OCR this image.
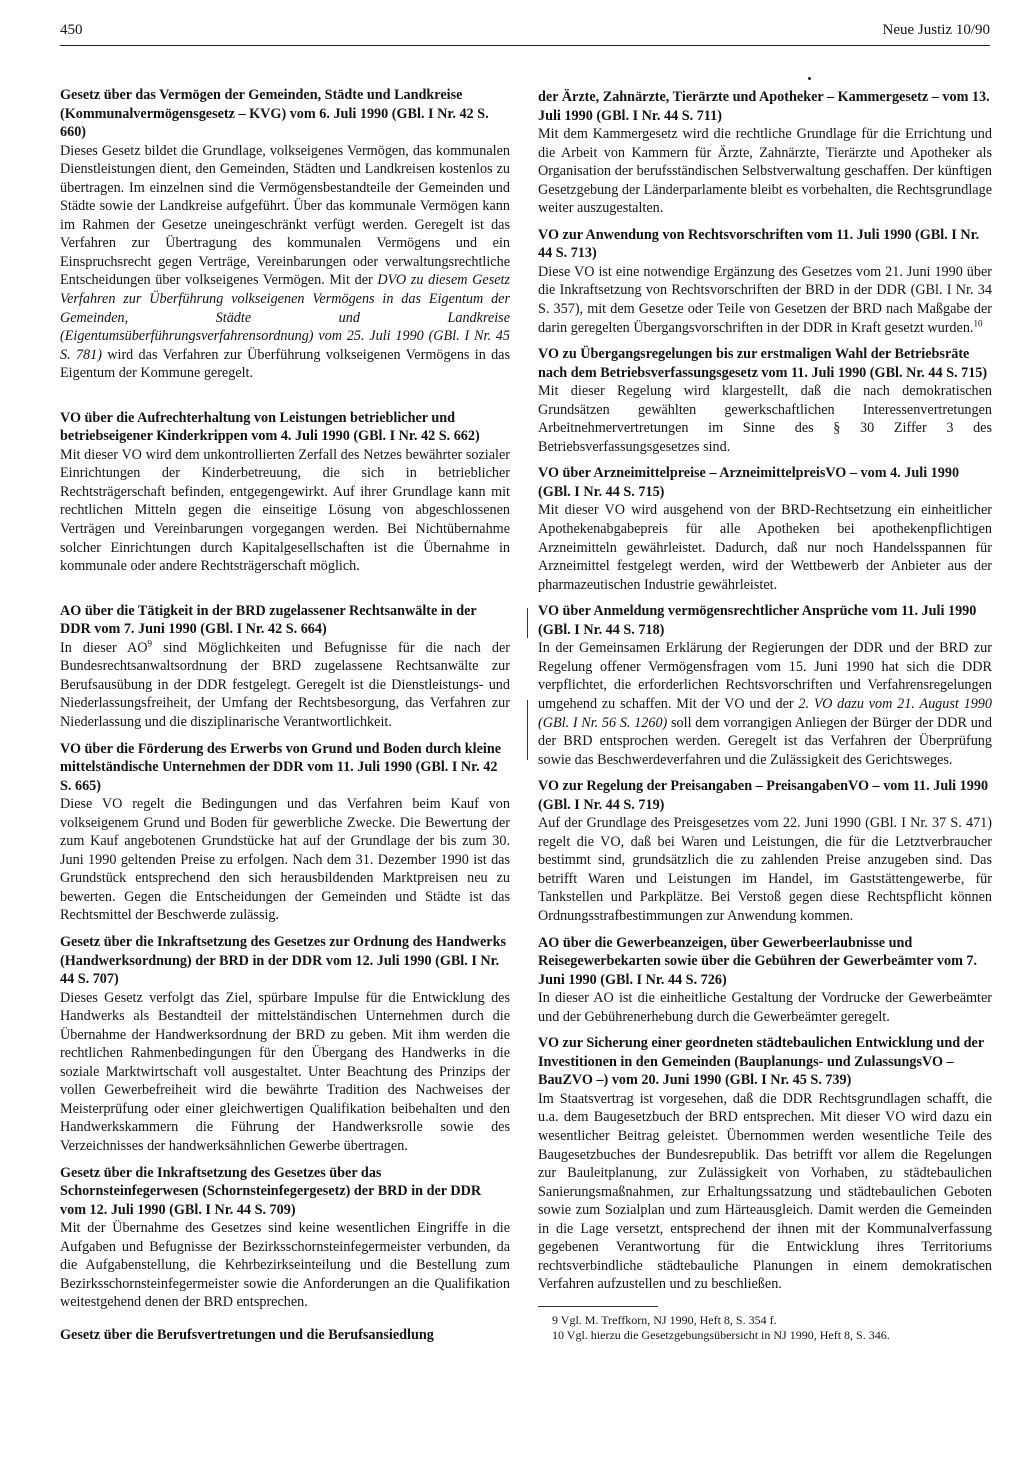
450	Neue Justiz 10/90
Gesetz über das Vermögen der Gemeinden, Städte und Landkreise (Kommunalvermögensgesetz – KVG) vom 6. Juli 1990 (GBl. I Nr. 42 S. 660)

Dieses Gesetz bildet die Grundlage, volkseigenes Vermögen, das kommunalen Dienstleistungen dient, den Gemeinden, Städten und Landkreisen kostenlos zu übertragen. Im einzelnen sind die Vermögensbestandteile der Gemeinden und Städte sowie der Landkreise aufgeführt. Über das kommunale Vermögen kann im Rahmen der Gesetze uneingeschränkt verfügt werden. Geregelt ist das Verfahren zur Übertragung des kommunalen Vermögens und ein Einspruchsrecht gegen Verträge, Vereinbarungen oder verwaltungsrechtliche Entscheidungen über volkseigenes Vermögen. Mit der DVO zu diesem Gesetz Verfahren zur Überführung volkseigenen Vermögens in das Eigentum der Gemeinden, Städte und Landkreise (Eigentumsüberführungsverfahrensordnung) vom 25. Juli 1990 (GBl. I Nr. 45 S. 781) wird das Verfahren zur Überführung volkseigenen Vermögens in das Eigentum der Kommune geregelt.

VO über die Aufrechterhaltung von Leistungen betrieblicher und betriebseigener Kinderkrippen vom 4. Juli 1990 (GBl. I Nr. 42 S. 662)

Mit dieser VO wird dem unkontrollierten Zerfall des Netzes bewährter sozialer Einrichtungen der Kinderbetreuung, die sich in betrieblicher Rechtsträgerschaft befinden, entgegengewirkt. Auf ihrer Grundlage kann mit rechtlichen Mitteln gegen die einseitige Lösung von abgeschlossenen Verträgen und Vereinbarungen vorgegangen werden. Bei Nichtübernahme solcher Einrichtungen durch Kapitalgesellschaften ist die Übernahme in kommunale oder andere Rechtsträgerschaft möglich.

AO über die Tätigkeit in der BRD zugelassener Rechtsanwälte in der DDR vom 7. Juni 1990 (GBl. I Nr. 42 S. 664)

In dieser $AO^9$ sind Möglichkeiten und Befugnisse für die nach der Bundesrechtsanwaltsordnung der BRD zugelassene Rechtsanwälte zur Berufsausübung in der DDR festgelegt. Geregelt ist die Dienstleistungs- und Niederlassungsfreiheit, der Umfang der Rechtsbesorgung, das Verfahren zur Niederlassung und die disziplinarische Verantwortlichkeit.

VO über die Förderung des Erwerbs von Grund und Boden durch kleine mittelständische Unternehmen der DDR vom 11. Juli 1990 (GBl. I Nr. 42 S. 665)

Diese VO regelt die Bedingungen und das Verfahren beim Kauf von volkseigenem Grund und Boden für gewerbliche Zwecke. Die Bewertung der zum Kauf angebotenen Grundstücke hat auf der Grundlage der bis zum 30. Juni 1990 geltenden Preise zu erfolgen. Nach dem 31. Dezember 1990 ist das Grundstück entsprechend den sich herausbildenden Marktpreisen neu zu bewerten. Gegen die Entscheidungen der Gemeinden und Städte ist das Rechtsmittel der Beschwerde zulässig.

Gesetz über die Inkraftsetzung des Gesetzes zur Ordnung des Handwerks (Handwerksordnung) der BRD in der DDR vom 12. Juli 1990 (GBl. I Nr. 44 S. 707)

Dieses Gesetz verfolgt das Ziel, spürbare Impulse für die Entwicklung des Handwerks als Bestandteil der mittelständischen Unternehmen durch die Übernahme der Handwerksordnung der BRD zu geben. Mit ihm werden die rechtlichen Rahmenbedingungen für den Übergang des Handwerks in die soziale Marktwirtschaft voll ausgestaltet. Unter Beachtung des Prinzips der vollen Gewerbefreiheit wird die bewährte Tradition des Nachweises der Meisterprüfung oder einer gleichwertigen Qualifikation beibehalten und den Handwerkskammern die Führung der Handwerksrolle sowie des Verzeichnisses der handwerksähnlichen Gewerbe übertragen.

Gesetz über die Inkraftsetzung des Gesetzes über das Schornsteinfegerwesen (Schornsteinfegergesetz) der BRD in der DDR vom 12. Juli 1990 (GBl. I Nr. 44 S. 709)

Mit der Übernahme des Gesetzes sind keine wesentlichen Eingriffe in die Aufgaben und Befugnisse der Bezirksschornsteinfegermeister verbunden, da die Aufgabenstellung, die Kehrbezirkseinteilung und die Bestellung zum Bezirksschornsteinfegermeister sowie die Anforderungen an die Qualifikation weitestgehend denen der BRD entsprechen.

Gesetz über die Berufsvertretungen und die Berufsansiedlung
der Ärzte, Zahnärzte, Tierärzte und Apotheker – Kammergesetz – vom 13. Juli 1990 (GBl. I Nr. 44 S. 711)

Mit dem Kammergesetz wird die rechtliche Grundlage für die Errichtung und die Arbeit von Kammern für Ärzte, Zahnärzte, Tierärzte und Apotheker als Organisation der berufsständischen Selbstverwaltung geschaffen. Der künftigen Gesetzgebung der Länderparlamente bleibt es vorbehalten, die Rechtsgrundlage weiter auszugestalten.

VO zur Anwendung von Rechtsvorschriften vom 11. Juli 1990 (GBl. I Nr. 44 S. 713)

Diese VO ist eine notwendige Ergänzung des Gesetzes vom 21. Juni 1990 über die Inkraftsetzung von Rechtsvorschriften der BRD in der DDR (GBl. I Nr. 34 S. 357), mit dem Gesetze oder Teile von Gesetzen der BRD nach Maßgabe der darin geregelten Übergangsvorschriften in der DDR in Kraft gesetzt wurden.$^{10}$

VO zu Übergangsregelungen bis zur erstmaligen Wahl der Betriebsräte nach dem Betriebsverfassungsgesetz vom 11. Juli 1990 (GBl. Nr. 44 S. 715)

Mit dieser Regelung wird klargestellt, daß die nach demokratischen Grundsätzen gewählten gewerkschaftlichen Interessenvertretungen Arbeitnehmervertretungen im Sinne des § 30 Ziffer 3 des Betriebsverfassungsgesetzes sind.

VO über Arzneimittelpreise – ArzneimittelpreisVO – vom 4. Juli 1990 (GBl. I Nr. 44 S. 715)

Mit dieser VO wird ausgehend von der BRD-Rechtsetzung ein einheitlicher Apothekenabgabepreis für alle Apotheken bei apothekenpflichtigen Arzneimitteln gewährleistet. Dadurch, daß nur noch Handelsspannen für Arzneimittel festgelegt werden, wird der Wettbewerb der Anbieter aus der pharmazeutischen Industrie gewährleistet.

VO über Anmeldung vermögensrechtlicher Ansprüche vom 11. Juli 1990 (GBl. I Nr. 44 S. 718)

In der Gemeinsamen Erklärung der Regierungen der DDR und der BRD zur Regelung offener Vermögensfragen vom 15. Juni 1990 hat sich die DDR verpflichtet, die erforderlichen Rechtsvorschriften und Verfahrensregelungen umgehend zu schaffen. Mit der VO und der 2. VO dazu vom 21. August 1990 (GBl. I Nr. 56 S. 1260) soll dem vorrangigen Anliegen der Bürger der DDR und der BRD entsprochen werden. Geregelt ist das Verfahren der Überprüfung sowie das Beschwerdeverfahren und die Zulässigkeit des Gerichtsweges.

VO zur Regelung der Preisangaben – PreisangabenVO – vom 11. Juli 1990 (GBl. I Nr. 44 S. 719)

Auf der Grundlage des Preisgesetzes vom 22. Juni 1990 (GBl. I Nr. 37 S. 471) regelt die VO, daß bei Waren und Leistungen, die für die Letztverbraucher bestimmt sind, grundsätzlich die zu zahlenden Preise anzugeben sind. Das betrifft Waren und Leistungen im Handel, im Gaststättengewerbe, für Tankstellen und Parkplätze. Bei Verstoß gegen diese Rechtspflicht können Ordnungsstrafbestimmungen zur Anwendung kommen.

AO über die Gewerbeanzeigen, über Gewerbeerlaubnisse und Reisegewerbekarten sowie über die Gebühren der Gewerbeämter vom 7. Juni 1990 (GBl. I Nr. 44 S. 726)

In dieser AO ist die einheitliche Gestaltung der Vordrucke der Gewerbeämter und der Gebührenerhebung durch die Gewerbeämter geregelt.

VO zur Sicherung einer geordneten städtebaulichen Entwicklung und der Investitionen in den Gemeinden (Bauplanungs- und ZulassungsVO – BauZVO –) vom 20. Juni 1990 (GBl. I Nr. 45 S. 739)

Im Staatsvertrag ist vorgesehen, daß die DDR Rechtsgrundlagen schafft, die u.a. dem Baugesetzbuch der BRD entsprechen. Mit dieser VO wird dazu ein wesentlicher Beitrag geleistet. Übernommen werden wesentliche Teile des Baugesetzbuches der Bundesrepublik. Das betrifft vor allem die Regelungen zur Bauleitplanung, zur Zulässigkeit von Vorhaben, zu städtebaulichen Sanierungsmaßnahmen, zur Erhaltungssatzung und städtebaulichen Geboten sowie zum Sozialplan und zum Härteausgleich. Damit werden die Gemeinden in die Lage versetzt, entsprechend der ihnen mit der Kommunalverfassung gegebenen Verantwortung für die Entwicklung ihres Territoriums rechtsverbindliche städtebauliche Planungen in einem demokratischen Verfahren aufzustellen und zu beschließen.

9 Vgl. M. Treffkorn, NJ 1990, Heft 8, S. 354 f.
10 Vgl. hierzu die Gesetzgebungsübersicht in NJ 1990, Heft 8, S. 346.
